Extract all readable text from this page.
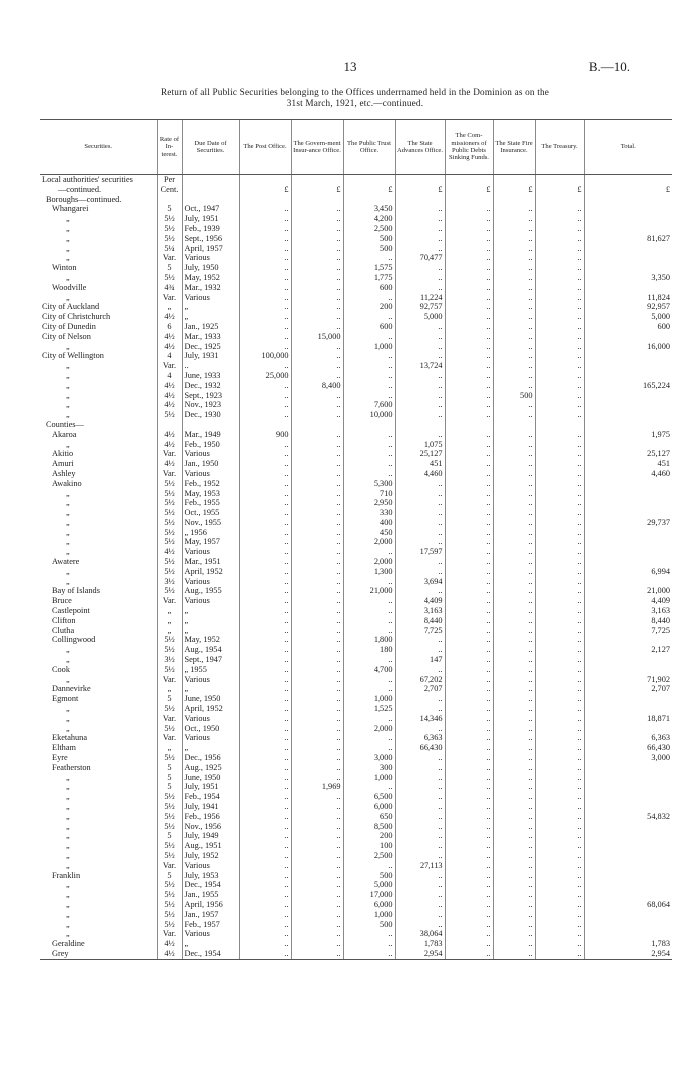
13	B.—10.
Return of all Public Securities belonging to the Offices underrnamed held in the Dominion as on the
31st March, 1921, etc.—continued.
Securities.	Rate of In-terest.	Due Date of Securities.	The Post Office.	The Govern-ment Insur-ance Office.	The Public Trust Office.	The State Advances Office.	The Com-missioners of Public Debts Sinking Funds.	The State Fire Insurance.	The Treasury.	Total.
Local authorities' securities	Per									
—continued.	Cent.		£	£	£	£	£	£	£	£
Boroughs—continued.										
Whangarei	5	Oct., 1947	..	..	3,450	..	..	..	..	
„	5½	July, 1951	..	..	4,200	..	..	..	..	
„	5½	Feb., 1939	..	..	2,500	..	..	..	..	
„	5½	Sept., 1956	..	..	500	..	..	..	..	81,627
„	5¼	April, 1957	..	..	500	..	..	..	..	
„	Var.	Various	..	..	..	70,477	..	..	..	
Winton	5	July, 1950	..	..	1,575	..	..	..	..	
„	5½	May, 1952	..	..	1,775	..	..	..	..	3,350
Woodville	4¾	Mar., 1932	..	..	600	..	..	..	..	
„	Var.	Various	..	..	..	11,224	..	..	..	11,824
City of Auckland	„	„	..	..	200	92,757	..	..	..	92,957
City of Christchurch	4½	„	..	..	..	5,000	..	..	..	5,000
City of Dunedin	6	Jan., 1925	..	..	600	..	..	..	..	600
City of Nelson	4½	Mar., 1933	..	15,000	..	..	..	..	..	
„	4½	Dec., 1925	..	..	1,000	..	..	..	..	16,000
City of Wellington	4	July, 1931	100,000	..	..	..	..	..	..	
„	Var.	..	..	..	..	13,724	..	..	..	
„	4	June, 1933	25,000	..	..	..	..	..	..	
„	4½	Dec., 1932	..	8,400	..	..	..	..	..	165,224
„	4½	Sept., 1923	..	..	..	..	..	500	..	
„	4½	Nov., 1923	..	..	7,600	..	..	..	..	
„	5½	Dec., 1930	..	..	10,000	..	..	..	..	
Counties—										
Akaroa	4½	Mar., 1949	900	..	..	..	..	..	..	1,975
„	4½	Feb., 1950	..	..	..	1,075	..	..	..	
Akitio	Var.	Various	..	..	..	25,127	..	..	..	25,127
Amuri	4½	Jan., 1950	..	..	..	451	..	..	..	451
Ashley	Var.	Various	..	..	..	4,460	..	..	..	4,460
Awakino	5½	Feb., 1952	..	..	5,300	..	..	..	..	
„	5½	May, 1953	..	..	710	..	..	..	..	
„	5½	Feb., 1955	..	..	2,950	..	..	..	..	
„	5½	Oct., 1955	..	..	330	..	..	..	..	
„	5½	Nov., 1955	..	..	400	..	..	..	..	29,737
„	5½	„ 1956	..	..	450	..	..	..	..	
„	5½	May, 1957	..	..	2,000	..	..	..	..	
„	4½	Various	..	..	..	17,597	..	..	..	
Awatere	5½	Mar., 1951	..	..	2,000	..	..	..	..	
„	5½	April, 1952	..	..	1,300	..	..	..	..	6,994
„	3½	Various	..	..	..	3,694	..	..	..	
Bay of Islands	5½	Aug., 1955	..	..	21,000	..	..	..	..	21,000
Bruce	Var.	Various	..	..	..	4,409	..	..	..	4,409
Castlepoint	„	„	..	..	..	3,163	..	..	..	3,163
Clifton	„	„	..	..	..	8,440	..	..	..	8,440
Clutha	„	„	..	..	..	7,725	..	..	..	7,725
Collingwood	5½	May, 1952	..	..	1,800	..	..	..	..	
„	5½	Aug., 1954	..	..	180	..	..	..	..	2,127
„	3½	Sept., 1947	..	..	..	147	..	..	..	
Cook	5½	„ 1955	..	..	4,700	..	..	..	..	
„	Var.	Various	..	..	..	67,202	..	..	..	71,902
Dannevirke	„	„	..	..	..	2,707	..	..	..	2,707
Egmont	5	June, 1950	..	..	1,000	..	..	..	..	
„	5½	April, 1952	..	..	1,525	..	..	..	..	
„	Var.	Various	..	..	..	14,346	..	..	..	18,871
„	5½	Oct., 1950	..	..	2,000	..	..	..	..	
Eketahuna	Var.	Various	..	..	..	6,363	..	..	..	6,363
Eltham	„	„	..	..	..	66,430	..	..	..	66,430
Eyre	5½	Dec., 1956	..	..	3,000	..	..	..	..	3,000
Featherston	5	Aug., 1925	..	..	300	..	..	..	..	
„	5	June, 1950	..	..	1,000	..	..	..	..	
„	5	July, 1951	..	1,969	..	..	..	..	..	
„	5½	Feb., 1954	..	..	6,500	..	..	..	..	
„	5½	July, 1941	..	..	6,000	..	..	..	..	
„	5½	Feb., 1956	..	..	650	..	..	..	..	54,832
„	5½	Nov., 1956	..	..	8,500	..	..	..	..	
„	5	July, 1949	..	..	200	..	..	..	..	
„	5½	Aug., 1951	..	..	100	..	..	..	..	
„	5½	July, 1952	..	..	2,500	..	..	..	..	
„	Var.	Various	..	..	..	27,113	..	..	..	
Franklin	5	July, 1953	..	..	500	..	..	..	..	
„	5½	Dec., 1954	..	..	5,000	..	..	..	..	
„	5½	Jan., 1955	..	..	17,000	..	..	..	..	
„	5½	April, 1956	..	..	6,000	..	..	..	..	68,064
„	5½	Jan., 1957	..	..	1,000	..	..	..	..	
„	5½	Feb., 1957	..	..	500	..	..	..	..	
„	Var.	Various	..	..	..	38,064	..	..	..	
Geraldine	4½	„	..	..	..	1,783	..	..	..	1,783
Grey	4½	Dec., 1954	..	..	..	2,954	..	..	..	2,954
